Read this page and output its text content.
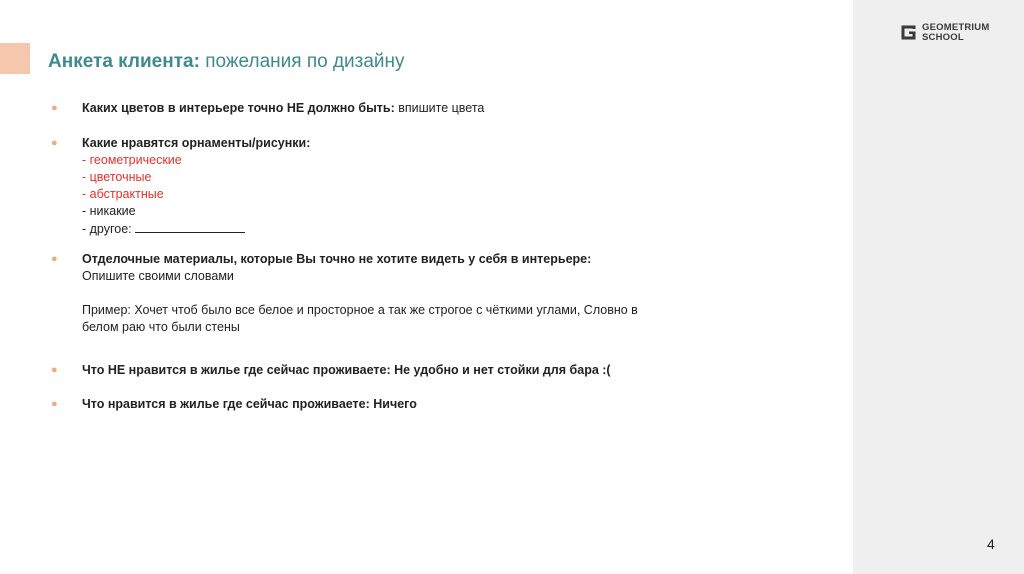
GEOMETRIUM
SCHOOL
Анкета клиента: пожелания по дизайну
● Каких цветов в интерьере точно НЕ должно быть: впишите цвета
● Какие нравятся орнаменты/рисунки:
- геометрические
- цветочные
- абстрактные
- никакие
- другое:
● Отделочные материалы, которые Вы точно не хотите видеть у себя в интерьере:
Опишите своими словами
Пример: Хочет чтоб было все белое и просторное а так же строгое с чёткими углами, Словно в
белом раю что были стены
● Что НЕ нравится в жилье где сейчас проживаете: Не удобно и нет стойки для бара :(
● Что нравится в жилье где сейчас проживаете: Ничего
4
